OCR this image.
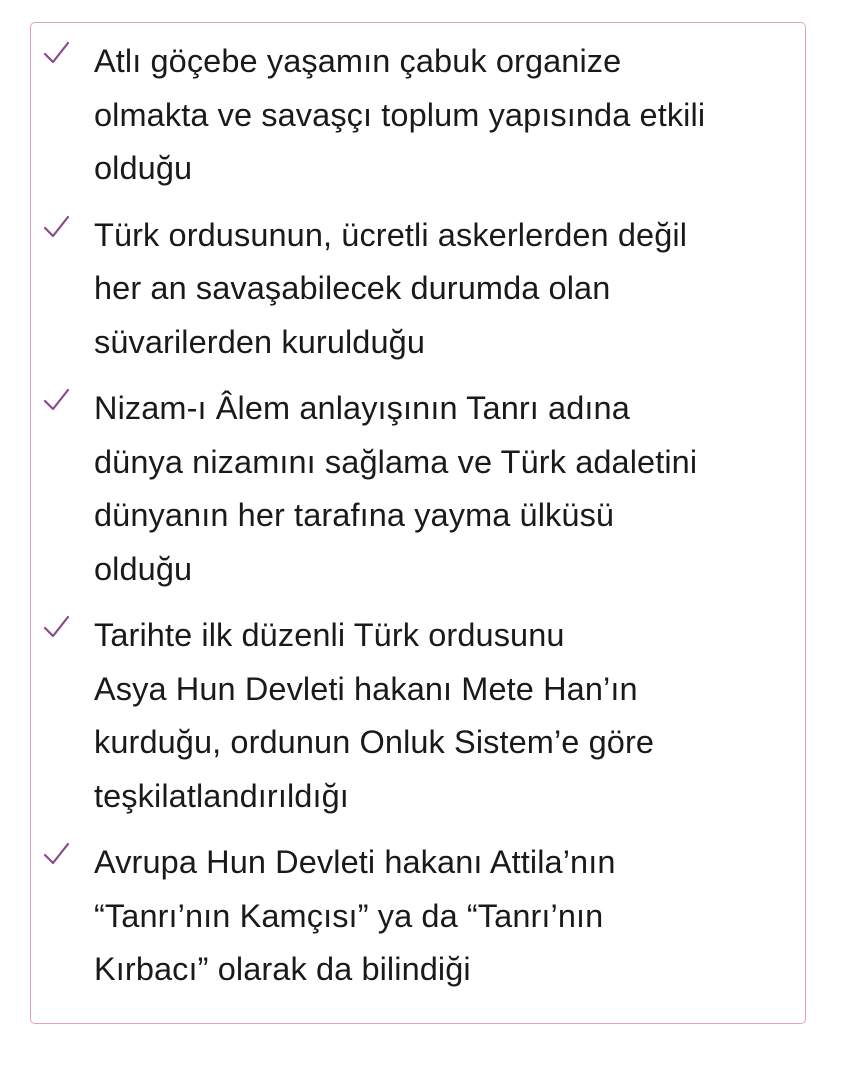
Atlı göçebe yaşamın çabuk organize
olmakta ve savaşçı toplum yapısında etkili
olduğu
Türk ordusunun, ücretli askerlerden değil
her an savaşabilecek durumda olan
süvarilerden kurulduğu
Nizam-ı Âlem anlayışının Tanrı adına
dünya nizamını sağlama ve Türk adaletini
dünyanın her tarafına yayma ülküsü
olduğu
Tarihte ilk düzenli Türk ordusunu
Asya Hun Devleti hakanı Mete Han’ın
kurduğu, ordunun Onluk Sistem’e göre
teşkilatlandırıldığı
Avrupa Hun Devleti hakanı Attila’nın
“Tanrı’nın Kamçısı” ya da “Tanrı’nın
Kırbacı” olarak da bilindiği
